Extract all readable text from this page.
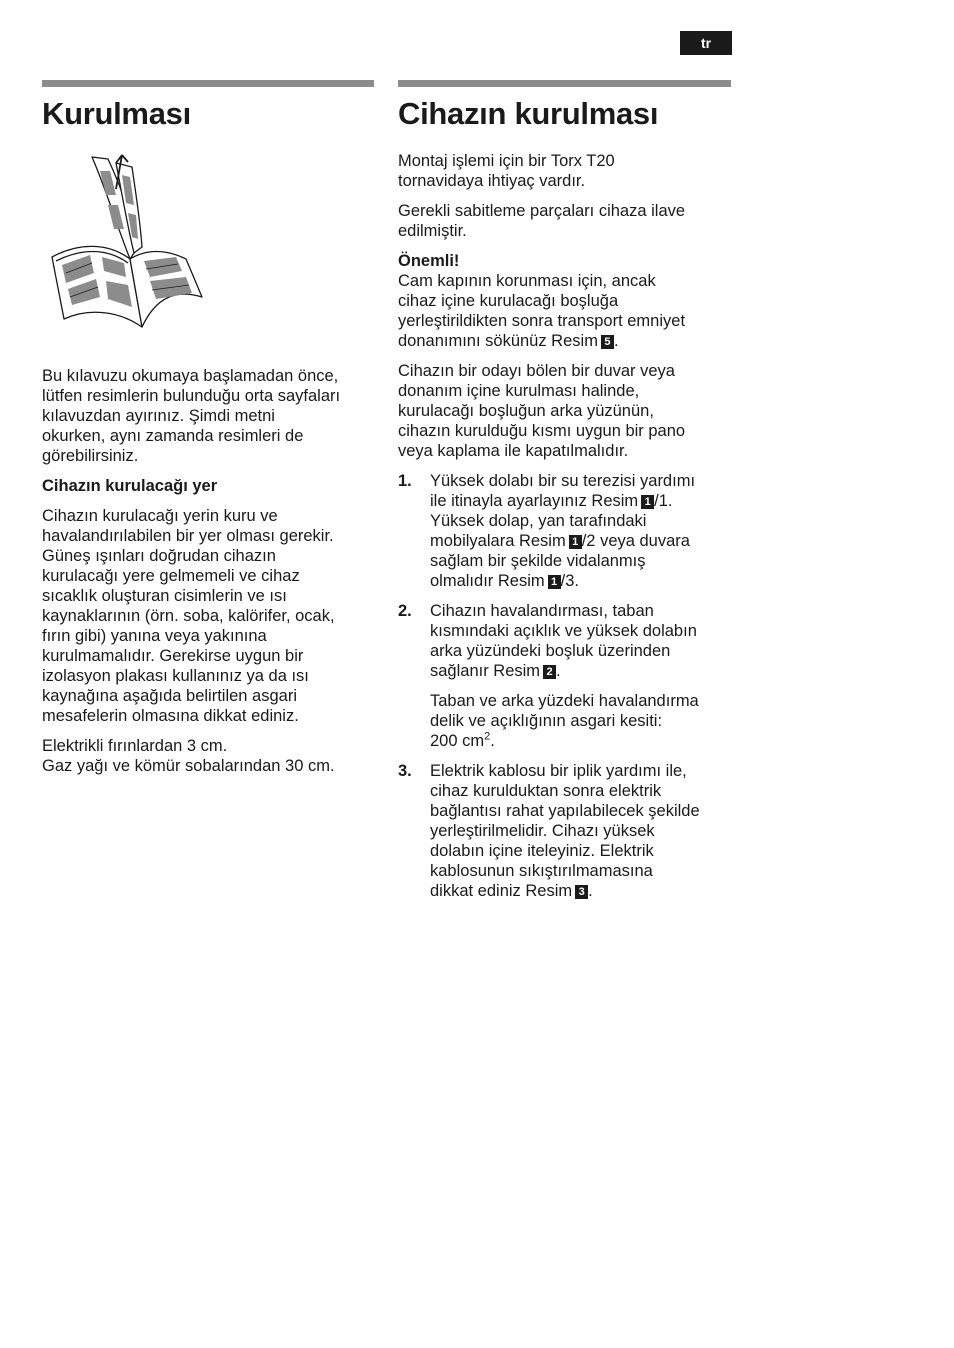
tr
Kurulması

Bu kılavuzu okumaya başlamadan önce,
lütfen resimlerin bulunduğu orta sayfaları
kılavuzdan ayırınız. Şimdi metni
okurken, aynı zamanda resimleri de
görebilirsiniz.

Cihazın kurulacağı yer

Cihazın kurulacağı yerin kuru ve
havalandırılabilen bir yer olması gerekir.
Güneş ışınları doğrudan cihazın
kurulacağı yere gelmemeli ve cihaz
sıcaklık oluşturan cisimlerin ve ısı
kaynaklarının (örn. soba, kalörifer, ocak,
fırın gibi) yanına veya yakınına
kurulmamalıdır. Gerekirse uygun bir
izolasyon plakası kullanınız ya da ısı
kaynağına aşağıda belirtilen asgari
mesafelerin olmasına dikkat ediniz.

Elektrikli fırınlardan 3 cm.
Gaz yağı ve kömür sobalarından 30 cm.

Cihazın kurulması

Montaj işlemi için bir Torx T20
tornavidaya ihtiyaç vardır.

Gerekli sabitleme parçaları cihaza ilave
edilmiştir.

Önemli!

Cam kapının korunması için, ancak
cihaz içine kurulacağı boşluğa
yerleştirildikten sonra transport emniyet
donanımını sökünüz Resim 5 .

Cihazın bir odayı bölen bir duvar veya
donanım içine kurulması halinde,
kurulacağı boşluğun arka yüzünün,
cihazın kurulduğu kısmı uygun bir pano
veya kaplama ile kapatılmalıdır.

1. Yüksek dolabı bir su terezisi yardımı
ile itinayla ayarlayınız Resim 1 /1.
Yüksek dolap, yan tarafındaki
mobilyalara Resim 1 /2 veya duvara
sağlam bir şekilde vidalanmış
olmalıdır Resim 1 /3.

2. Cihazın havalandırması, taban
kısmındaki açıklık ve yüksek dolabın
arka yüzündeki boşluk üzerinden
sağlanır Resim 2 .

Taban ve arka yüzdeki havalandırma
delik ve açıklığının asgari kesiti:
200 $cm^2$.

3. Elektrik kablosu bir iplik yardımı ile,
cihaz kurulduktan sonra elektrik
bağlantısı rahat yapılabilecek şekilde
yerleştirilmelidir. Cihazı yüksek
dolabın içine iteleyiniz. Elektrik
kablosunun sıkıştırılmamasına
dikkat ediniz Resim 3 .
